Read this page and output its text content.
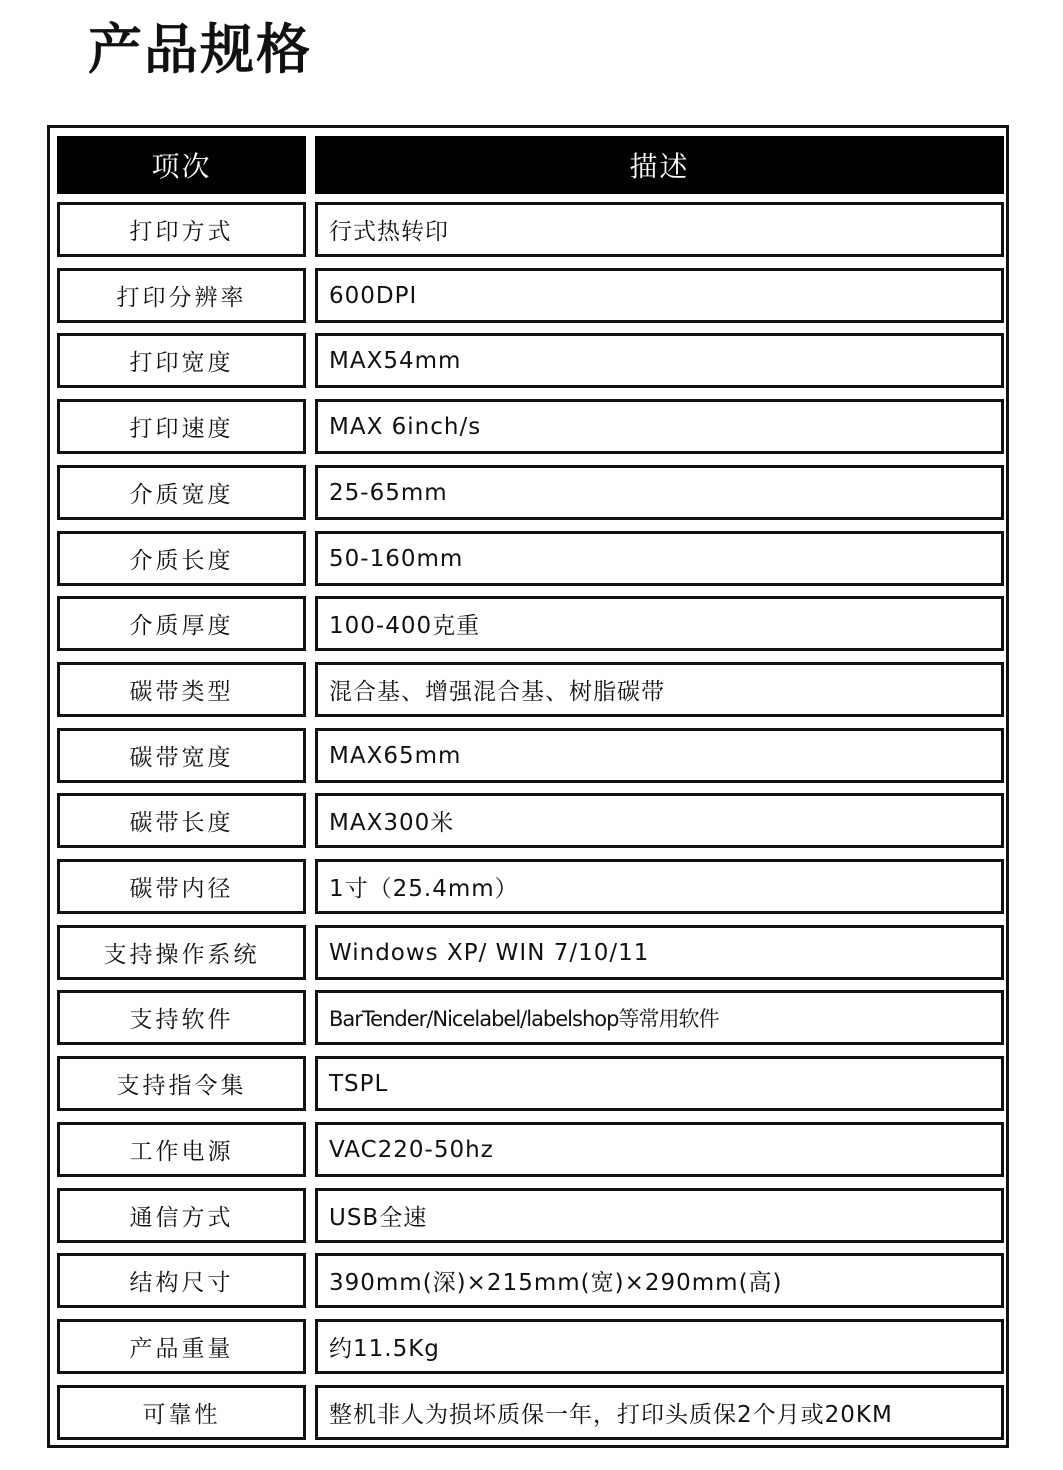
产品规格
项次	描述
打印方式	行式热转印
打印分辨率	600DPI
打印宽度	MAX54mm
打印速度	MAX 6inch/s
介质宽度	25-65mm
介质长度	50-160mm
介质厚度	100-400克重
碳带类型	混合基、增强混合基、树脂碳带
碳带宽度	MAX65mm
碳带长度	MAX300米
碳带内径	1寸（25.4mm）
支持操作系统	Windows XP/ WIN 7/10/11
支持软件	BarTender/Nicelabel/labelshop等常用软件
支持指令集	TSPL
工作电源	VAC220-50hz
通信方式	USB全速
结构尺寸	390mm(深)×215mm(宽)×290mm(高)
产品重量	约11.5Kg
可靠性	整机非人为损坏质保一年，打印头质保2个月或20KM
